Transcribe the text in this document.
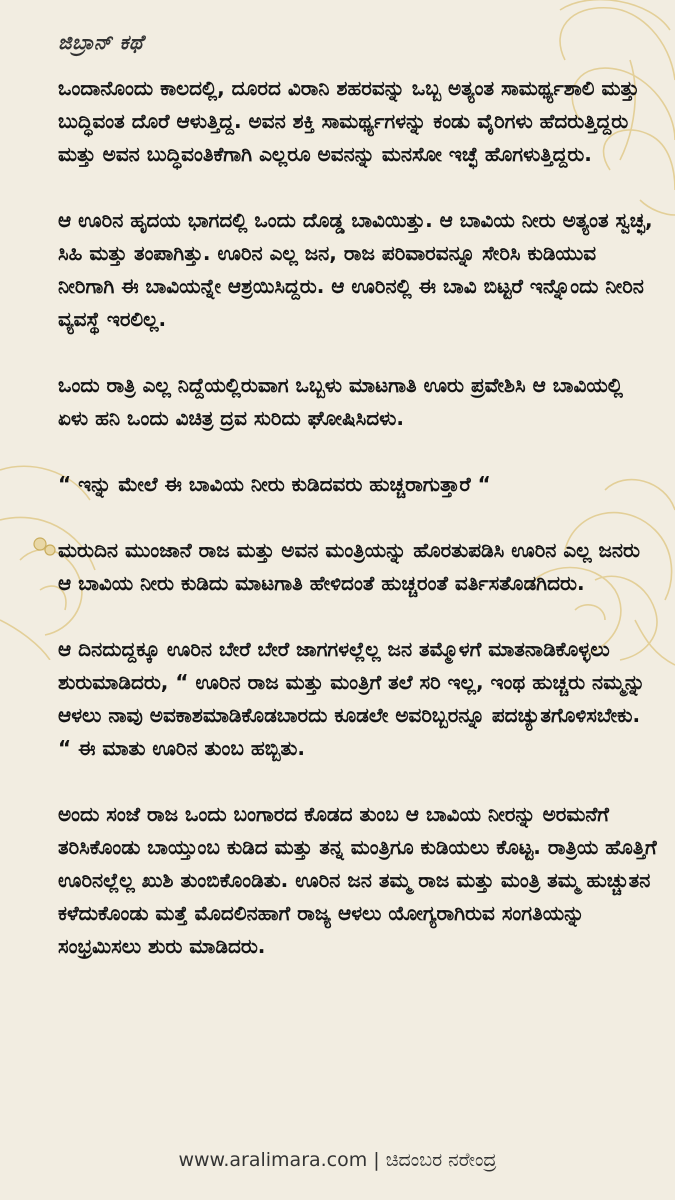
ಜಿಬ್ರಾನ್ ಕಥೆ

ಒಂದಾನೊಂದು ಕಾಲದಲ್ಲಿ, ದೂರದ ವಿರಾನಿ ಶಹರವನ್ನು ಒಬ್ಬ ಅತ್ಯಂತ ಸಾಮರ್ಥ್ಯಶಾಲಿ ಮತ್ತು ಬುದ್ಧಿವಂತ ದೊರೆ ಆಳುತ್ತಿದ್ದ. ಅವನ ಶಕ್ತಿ ಸಾಮರ್ಥ್ಯಗಳನ್ನು ಕಂಡು ವೈರಿಗಳು ಹೆದರುತ್ತಿದ್ದರು ಮತ್ತು ಅವನ ಬುದ್ಧಿವಂತಿಕೆಗಾಗಿ ಎಲ್ಲರೂ ಅವನನ್ನು ಮನಸೋ ಇಚ್ಛೆ ಹೊಗಳುತ್ತಿದ್ದರು.

ಆ ಊರಿನ ಹೃದಯ ಭಾಗದಲ್ಲಿ ಒಂದು ದೊಡ್ಡ ಬಾವಿಯಿತ್ತು. ಆ ಬಾವಿಯ ನೀರು ಅತ್ಯಂತ ಸ್ವಚ್ಛ, ಸಿಹಿ ಮತ್ತು ತಂಪಾಗಿತ್ತು. ಊರಿನ ಎಲ್ಲ ಜನ, ರಾಜ ಪರಿವಾರವನ್ನೂ ಸೇರಿಸಿ ಕುಡಿಯುವ ನೀರಿಗಾಗಿ ಈ ಬಾವಿಯನ್ನೇ ಆಶ್ರಯಿಸಿದ್ದರು. ಆ ಊರಿನಲ್ಲಿ ಈ ಬಾವಿ ಬಿಟ್ಟರೆ ಇನ್ನೊಂದು ನೀರಿನ ವ್ಯವಸ್ಥೆ ಇರಲಿಲ್ಲ.

ಒಂದು ರಾತ್ರಿ ಎಲ್ಲ ನಿದ್ದೆಯಲ್ಲಿರುವಾಗ ಒಬ್ಬಳು ಮಾಟಗಾತಿ ಊರು ಪ್ರವೇಶಿಸಿ ಆ ಬಾವಿಯಲ್ಲಿ ಏಳು ಹನಿ ಒಂದು ವಿಚಿತ್ರ ದ್ರವ ಸುರಿದು ಘೋಷಿಸಿದಳು.

“ ಇನ್ನು ಮೇಲೆ ಈ ಬಾವಿಯ ನೀರು ಕುಡಿದವರು ಹುಚ್ಚರಾಗುತ್ತಾರೆ “

ಮರುದಿನ ಮುಂಜಾನೆ ರಾಜ ಮತ್ತು ಅವನ ಮಂತ್ರಿಯನ್ನು ಹೊರತುಪಡಿಸಿ ಊರಿನ ಎಲ್ಲ ಜನರು ಆ ಬಾವಿಯ ನೀರು ಕುಡಿದು ಮಾಟಗಾತಿ ಹೇಳಿದಂತೆ ಹುಚ್ಚರಂತೆ ವರ್ತಿಸತೊಡಗಿದರು.

ಆ ದಿನದುದ್ದಕ್ಕೂ ಊರಿನ ಬೇರೆ ಬೇರೆ ಜಾಗಗಳಲ್ಲೆಲ್ಲ ಜನ ತಮ್ಮೊಳಗೆ ಮಾತನಾಡಿಕೊಳ್ಳಲು ಶುರುಮಾಡಿದರು, “ ಊರಿನ ರಾಜ ಮತ್ತು ಮಂತ್ರಿಗೆ ತಲೆ ಸರಿ ಇಲ್ಲ, ಇಂಥ ಹುಚ್ಚರು ನಮ್ಮನ್ನು ಆಳಲು ನಾವು ಅವಕಾಶಮಾಡಿಕೊಡಬಾರದು ಕೂಡಲೇ ಅವರಿಬ್ಬರನ್ನೂ ಪದಚ್ಯುತಗೊಳಿಸಬೇಕು. “ ಈ ಮಾತು ಊರಿನ ತುಂಬ ಹಬ್ಬಿತು.

ಅಂದು ಸಂಜೆ ರಾಜ ಒಂದು ಬಂಗಾರದ ಕೊಡದ ತುಂಬ ಆ ಬಾವಿಯ ನೀರನ್ನು ಅರಮನೆಗೆ ತರಿಸಿಕೊಂಡು ಬಾಯ್ತುಂಬ ಕುಡಿದ ಮತ್ತು ತನ್ನ ಮಂತ್ರಿಗೂ ಕುಡಿಯಲು ಕೊಟ್ಟ. ರಾತ್ರಿಯ ಹೊತ್ತಿಗೆ ಊರಿನಲ್ಲೆಲ್ಲ ಖುಶಿ ತುಂಬಿಕೊಂಡಿತು. ಊರಿನ ಜನ ತಮ್ಮ ರಾಜ ಮತ್ತು ಮಂತ್ರಿ ತಮ್ಮ ಹುಚ್ಚುತನ ಕಳೆದುಕೊಂಡು ಮತ್ತೆ ಮೊದಲಿನಹಾಗೆ ರಾಜ್ಯ ಆಳಲು ಯೋಗ್ಯರಾಗಿರುವ ಸಂಗತಿಯನ್ನು ಸಂಭ್ರಮಿಸಲು ಶುರು ಮಾಡಿದರು.

www.aralimara.com | ಚಿದಂಬರ ನರೇಂದ್ರ
